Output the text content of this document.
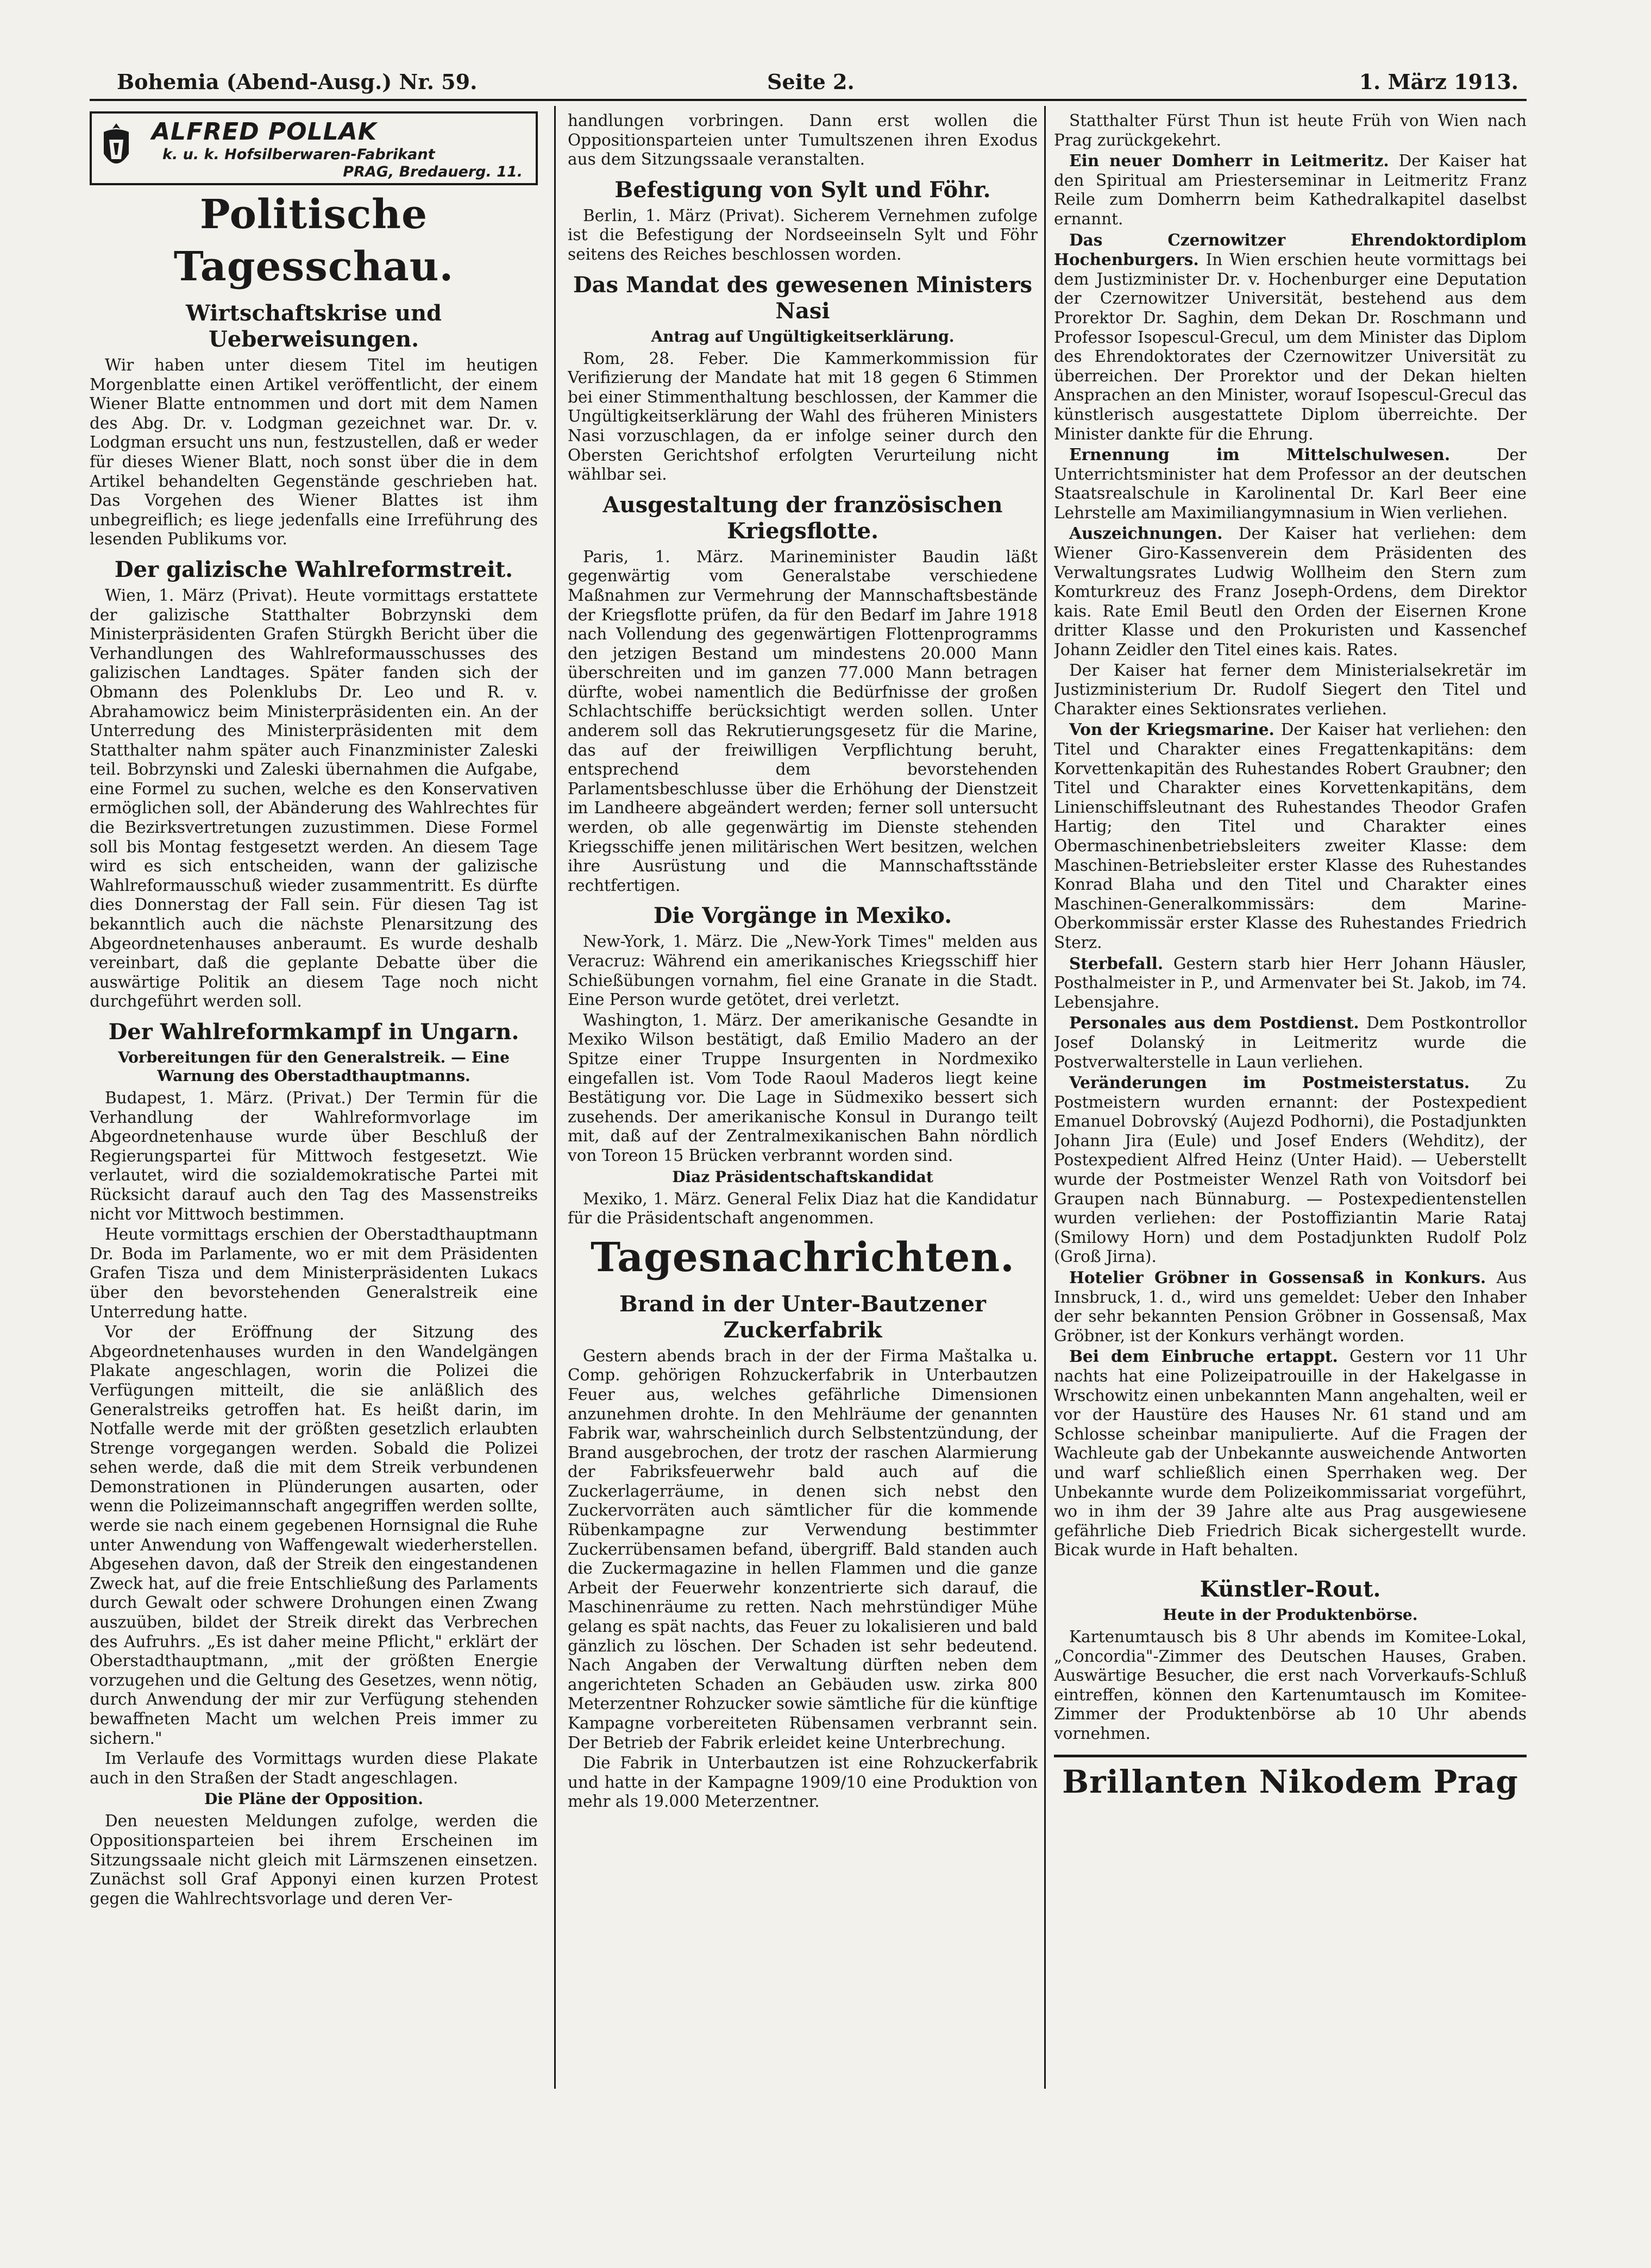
Bohemia (Abend-Ausg.) Nr. 59.	Seite 2.	1. März 1913.
ALFRED POLLAK
k. u. k. Hofsilberwaren-Fabrikant
PRAG, Bredauerg. 11.
Politische Tagesschau.
Wirtschaftskrise und Ueberweisungen.

Wir haben unter diesem Titel im heutigen Morgenblatte einen Artikel veröffentlicht, der einem Wiener Blatte entnommen und dort mit dem Namen des Abg. Dr. v. Lodgman gezeichnet war. Dr. v. Lodgman ersucht uns nun, festzustellen, daß er weder für dieses Wiener Blatt, noch sonst über die in dem Artikel behandelten Gegenstände geschrieben hat. Das Vorgehen des Wiener Blattes ist ihm unbegreiflich; es liege jedenfalls eine Irreführung des lesenden Publikums vor.

Der galizische Wahlreformstreit.

Wien, 1. März (Privat). Heute vormittags erstattete der galizische Statthalter Bobrzynski dem Ministerpräsidenten Grafen Stürgkh Bericht über die Verhandlungen des Wahlreformausschusses des galizischen Landtages. Später fanden sich der Obmann des Polenklubs Dr. Leo und R. v. Abrahamowicz beim Ministerpräsidenten ein. An der Unterredung des Ministerpräsidenten mit dem Statthalter nahm später auch Finanzminister Zaleski teil. Bobrzynski und Zaleski übernahmen die Aufgabe, eine Formel zu suchen, welche es den Konservativen ermöglichen soll, der Abänderung des Wahlrechtes für die Bezirksvertretungen zuzustimmen. Diese Formel soll bis Montag festgesetzt werden. An diesem Tage wird es sich entscheiden, wann der galizische Wahlreformausschuß wieder zusammentritt. Es dürfte dies Donnerstag der Fall sein. Für diesen Tag ist bekanntlich auch die nächste Plenarsitzung des Abgeordnetenhauses anberaumt. Es wurde deshalb vereinbart, daß die geplante Debatte über die auswärtige Politik an diesem Tage noch nicht durchgeführt werden soll.

Der Wahlreformkampf in Ungarn.
Vorbereitungen für den Generalstreik. — Eine Warnung des Oberstadthauptmanns.

Budapest, 1. März. (Privat.) Der Termin für die Verhandlung der Wahlreformvorlage im Abgeordnetenhause wurde über Beschluß der Regierungspartei für Mittwoch festgesetzt. Wie verlautet, wird die sozialdemokratische Partei mit Rücksicht darauf auch den Tag des Massenstreiks nicht vor Mittwoch bestimmen.

Heute vormittags erschien der Oberstadthauptmann Dr. Boda im Parlamente, wo er mit dem Präsidenten Grafen Tisza und dem Ministerpräsidenten Lukacs über den bevorstehenden Generalstreik eine Unterredung hatte.

Vor der Eröffnung der Sitzung des Abgeordnetenhauses wurden in den Wandelgängen Plakate angeschlagen, worin die Polizei die Verfügungen mitteilt, die sie anläßlich des Generalstreiks getroffen hat. Es heißt darin, im Notfalle werde mit der größten gesetzlich erlaubten Strenge vorgegangen werden. Sobald die Polizei sehen werde, daß die mit dem Streik verbundenen Demonstrationen in Plünderungen ausarten, oder wenn die Polizeimannschaft angegriffen werden sollte, werde sie nach einem gegebenen Hornsignal die Ruhe unter Anwendung von Waffengewalt wiederherstellen. Abgesehen davon, daß der Streik den eingestandenen Zweck hat, auf die freie Entschließung des Parlaments durch Gewalt oder schwere Drohungen einen Zwang auszuüben, bildet der Streik direkt das Verbrechen des Aufruhrs. „Es ist daher meine Pflicht," erklärt der Oberstadthauptmann, „mit der größten Energie vorzugehen und die Geltung des Gesetzes, wenn nötig, durch Anwendung der mir zur Verfügung stehenden bewaffneten Macht um welchen Preis immer zu sichern."

Im Verlaufe des Vormittags wurden diese Plakate auch in den Straßen der Stadt angeschlagen.

Die Pläne der Opposition.

Den neuesten Meldungen zufolge, werden die Oppositionsparteien bei ihrem Erscheinen im Sitzungssaale nicht gleich mit Lärmszenen einsetzen. Zunächst soll Graf Apponyi einen kurzen Protest gegen die Wahlrechtsvorlage und deren Ver-

handlungen vorbringen. Dann erst wollen die Oppositionsparteien unter Tumultszenen ihren Exodus aus dem Sitzungssaale veranstalten.

Befestigung von Sylt und Föhr.

Berlin, 1. März (Privat). Sicherem Vernehmen zufolge ist die Befestigung der Nordseeinseln Sylt und Föhr seitens des Reiches beschlossen worden.

Das Mandat des gewesenen Ministers Nasi
Antrag auf Ungültigkeitserklärung.

Rom, 28. Feber. Die Kammerkommission für Verifizierung der Mandate hat mit 18 gegen 6 Stimmen bei einer Stimmenthaltung beschlossen, der Kammer die Ungültigkeitserklärung der Wahl des früheren Ministers Nasi vorzuschlagen, da er infolge seiner durch den Obersten Gerichtshof erfolgten Verurteilung nicht wählbar sei.

Ausgestaltung der französischen Kriegsflotte.

Paris, 1. März. Marineminister Baudin läßt gegenwärtig vom Generalstabe verschiedene Maßnahmen zur Vermehrung der Mannschaftsbestände der Kriegsflotte prüfen, da für den Bedarf im Jahre 1918 nach Vollendung des gegenwärtigen Flottenprogramms den jetzigen Bestand um mindestens 20.000 Mann überschreiten und im ganzen 77.000 Mann betragen dürfte, wobei namentlich die Bedürfnisse der großen Schlachtschiffe berücksichtigt werden sollen. Unter anderem soll das Rekrutierungsgesetz für die Marine, das auf der freiwilligen Verpflichtung beruht, entsprechend dem bevorstehenden Parlamentsbeschlusse über die Erhöhung der Dienstzeit im Landheere abgeändert werden; ferner soll untersucht werden, ob alle gegenwärtig im Dienste stehenden Kriegsschiffe jenen militärischen Wert besitzen, welchen ihre Ausrüstung und die Mannschaftsstände rechtfertigen.

Die Vorgänge in Mexiko.

New-York, 1. März. Die „New-York Times" melden aus Veracruz: Während ein amerikanisches Kriegsschiff hier Schießübungen vornahm, fiel eine Granate in die Stadt. Eine Person wurde getötet, drei verletzt.

Washington, 1. März. Der amerikanische Gesandte in Mexiko Wilson bestätigt, daß Emilio Madero an der Spitze einer Truppe Insurgenten in Nordmexiko eingefallen ist. Vom Tode Raoul Maderos liegt keine Bestätigung vor. Die Lage in Südmexiko bessert sich zusehends. Der amerikanische Konsul in Durango teilt mit, daß auf der Zentralmexikanischen Bahn nördlich von Toreon 15 Brücken verbrannt worden sind.

Diaz Präsidentschaftskandidat

Mexiko, 1. März. General Felix Diaz hat die Kandidatur für die Präsidentschaft angenommen.

Tagesnachrichten.
Brand in der Unter-Bautzener Zuckerfabrik

Gestern abends brach in der der Firma Maštalka u. Comp. gehörigen Rohzuckerfabrik in Unterbautzen Feuer aus, welches gefährliche Dimensionen anzunehmen drohte. In den Mehlräume der genannten Fabrik war, wahrscheinlich durch Selbstentzündung, der Brand ausgebrochen, der trotz der raschen Alarmierung der Fabriksfeuerwehr bald auch auf die Zuckerlagerräume, in denen sich nebst den Zuckervorräten auch sämtlicher für die kommende Rübenkampagne zur Verwendung bestimmter Zuckerrübensamen befand, übergriff. Bald standen auch die Zuckermagazine in hellen Flammen und die ganze Arbeit der Feuerwehr konzentrierte sich darauf, die Maschinenräume zu retten. Nach mehrstündiger Mühe gelang es spät nachts, das Feuer zu lokalisieren und bald gänzlich zu löschen. Der Schaden ist sehr bedeutend. Nach Angaben der Verwaltung dürften neben dem angerichteten Schaden an Gebäuden usw. zirka 800 Meterzentner Rohzucker sowie sämtliche für die künftige Kampagne vorbereiteten Rübensamen verbrannt sein. Der Betrieb der Fabrik erleidet keine Unterbrechung.

Die Fabrik in Unterbautzen ist eine Rohzuckerfabrik und hatte in der Kampagne 1909/10 eine Produktion von mehr als 19.000 Meterzentner.

Statthalter Fürst Thun ist heute Früh von Wien nach Prag zurückgekehrt.

Ein neuer Domherr in Leitmeritz. Der Kaiser hat den Spiritual am Priesterseminar in Leitmeritz Franz Reile zum Domherrn beim Kathedralkapitel daselbst ernannt.

Das Czernowitzer Ehrendoktordiplom Hochenburgers. In Wien erschien heute vormittags bei dem Justizminister Dr. v. Hochenburger eine Deputation der Czernowitzer Universität, bestehend aus dem Prorektor Dr. Saghin, dem Dekan Dr. Roschmann und Professor Isopescul-Grecul, um dem Minister das Diplom des Ehrendoktorates der Czernowitzer Universität zu überreichen. Der Prorektor und der Dekan hielten Ansprachen an den Minister, worauf Isopescul-Grecul das künstlerisch ausgestattete Diplom überreichte. Der Minister dankte für die Ehrung.

Ernennung im Mittelschulwesen.	Der Unterrichtsminister hat dem Professor an der deutschen Staatsrealschule in Karolinental Dr. Karl Beer eine Lehrstelle am Maximiliangymnasium in Wien verliehen.

Auszeichnungen. Der Kaiser hat verliehen: dem Wiener Giro-Kassenverein dem Präsidenten des Verwaltungsrates Ludwig Wollheim den Stern zum Komturkreuz des Franz Joseph-Ordens, dem Direktor kais. Rate Emil Beutl den Orden der Eisernen Krone dritter Klasse und den Prokuristen und Kassenchef Johann Zeidler den Titel eines kais. Rates.

Der Kaiser hat ferner dem Ministerialsekretär im Justizministerium Dr. Rudolf Siegert den Titel und Charakter eines Sektionsrates verliehen.

Von der Kriegsmarine. Der Kaiser hat verliehen: den Titel und Charakter eines Fregattenkapitäns: dem Korvettenkapitän des Ruhestandes Robert Graubner; den Titel und Charakter eines Korvettenkapitäns, dem Linienschiffsleutnant des Ruhestandes Theodor Grafen Hartig; den Titel und Charakter eines Obermaschinenbetriebsleiters zweiter Klasse: dem Maschinen-Betriebsleiter erster Klasse des Ruhestandes Konrad Blaha und den Titel und Charakter eines Maschinen-Generalkommissärs: dem Marine-Oberkommissär erster Klasse des Ruhestandes Friedrich Sterz.

Sterbefall. Gestern starb hier Herr Johann Häusler, Posthalmeister in P., und Armenvater bei St. Jakob, im 74. Lebensjahre.

Personales aus dem Postdienst. Dem Postkontrollor Josef Dolanský in Leitmeritz wurde die Postverwalterstelle in Laun verliehen.

Veränderungen im Postmeisterstatus. Zu Postmeistern wurden ernannt: der Postexpedient Emanuel Dobrovský (Aujezd Podhorni), die Postadjunkten Johann Jira (Eule) und Josef Enders (Wehditz), der Postexpedient Alfred Heinz (Unter Haid). — Ueberstellt wurde der Postmeister Wenzel Rath von Voitsdorf bei Graupen nach Bünnaburg. — Postexpedientenstellen wurden verliehen: der Postoffiziantin Marie Rataj (Smilowy Horn) und dem Postadjunkten Rudolf Polz (Groß Jirna).

Hotelier Gröbner in Gossensaß in Konkurs. Aus Innsbruck, 1. d., wird uns gemeldet: Ueber den Inhaber der sehr bekannten Pension Gröbner in Gossensaß, Max Gröbner, ist der Konkurs verhängt worden.

Bei dem Einbruche ertappt. Gestern vor 11 Uhr nachts hat eine Polizeipatrouille in der Hakelgasse in Wrschowitz einen unbekannten Mann angehalten, weil er vor der Haustüre des Hauses Nr. 61 stand und am Schlosse scheinbar manipulierte. Auf die Fragen der Wachleute gab der Unbekannte ausweichende Antworten und warf schließlich einen Sperrhaken weg. Der Unbekannte wurde dem Polizeikommissariat vorgeführt, wo in ihm der 39 Jahre alte aus Prag ausgewiesene gefährliche Dieb Friedrich Bicak sichergestellt wurde. Bicak wurde in Haft behalten.

Künstler-Rout.
Heute in der Produktenbörse.

Kartenumtausch bis 8 Uhr abends im Komitee-Lokal, „Concordia"-Zimmer des Deutschen Hauses, Graben. Auswärtige Besucher, die erst nach Vorverkaufs-Schluß eintreffen, können den Kartenumtausch im Komitee-Zimmer der Produktenbörse ab 10 Uhr abends vornehmen.

Brillanten Nikodem Prag
